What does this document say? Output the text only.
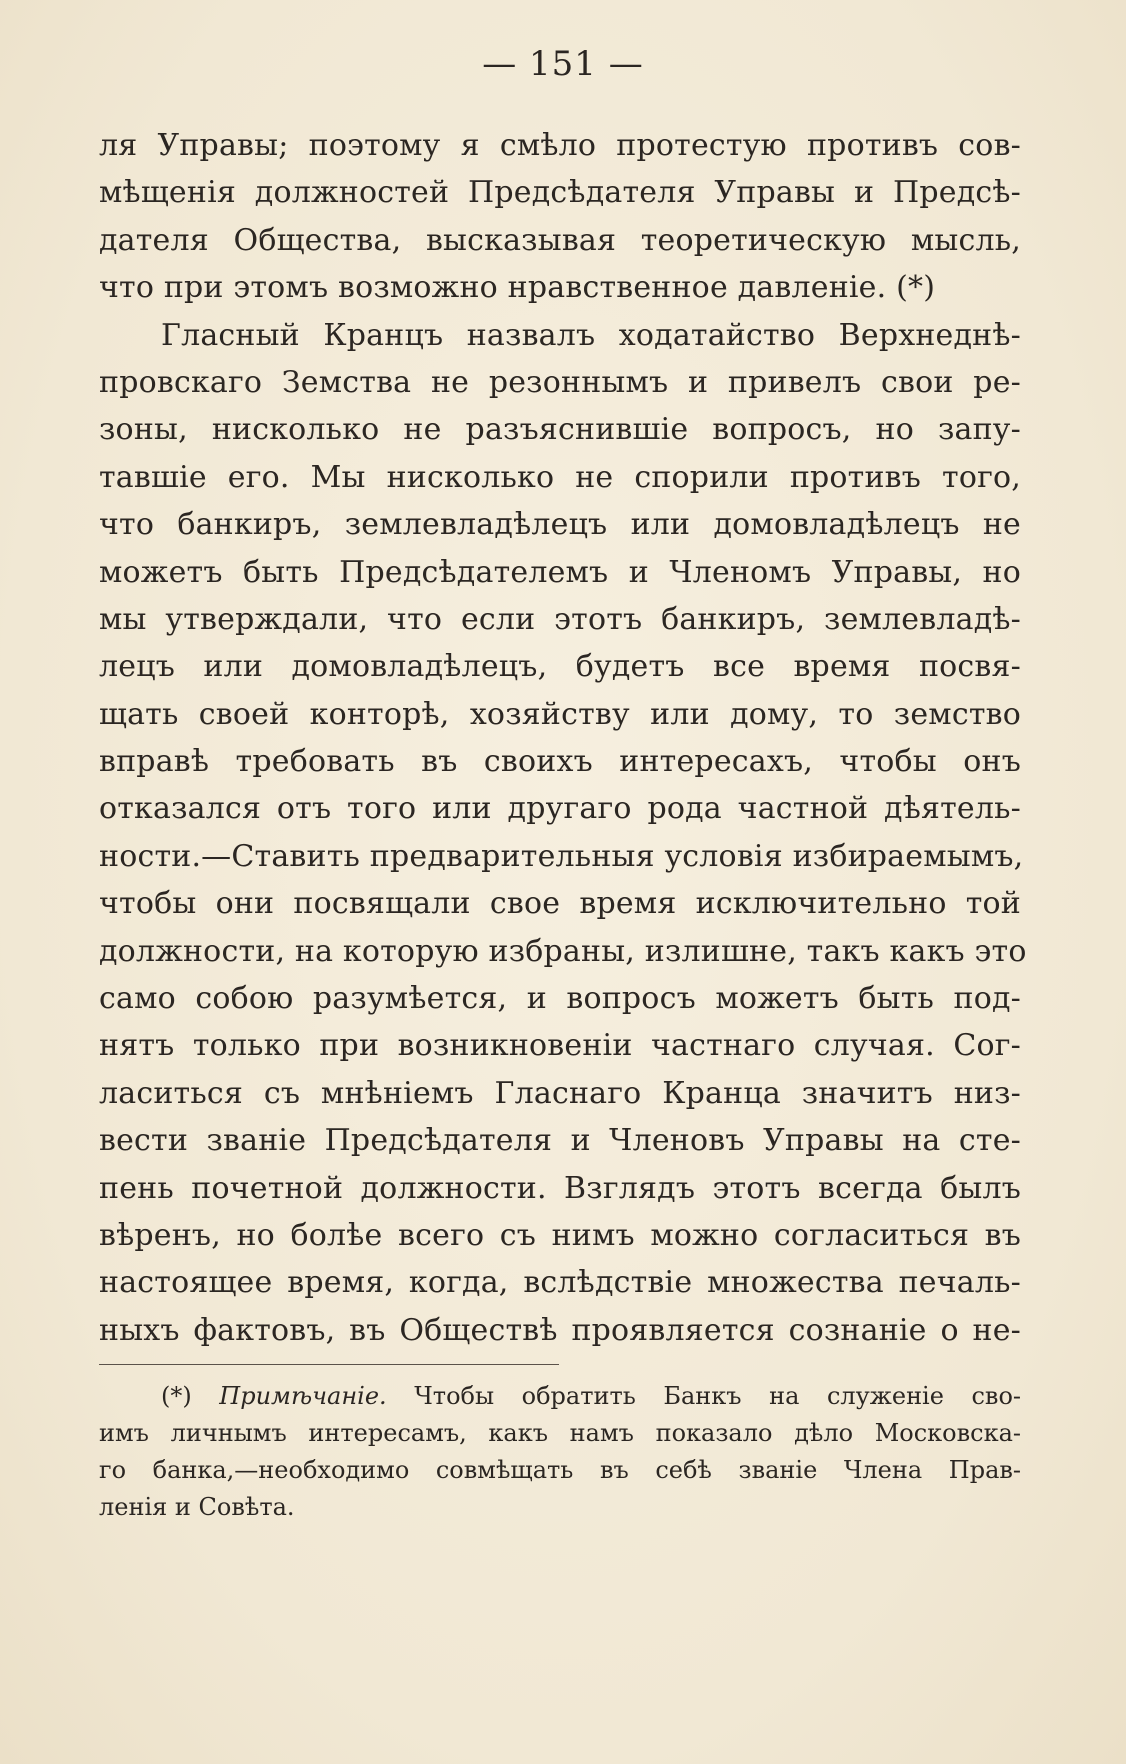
— 151 —
ля Управы; поэтому я смѣло протестую противъ сов-
мѣщенія должностей Предсѣдателя Управы и Предсѣ-
дателя Общества, высказывая теоретическую мысль,
что при этомъ возможно нравственное давленіе. (*)
Гласный Кранцъ назвалъ ходатайство Верхнеднѣ-
провскаго Земства не резоннымъ и привелъ свои ре-
зоны, нисколько не разъяснившіе вопросъ, но запу-
тавшіе его. Мы нисколько не спорили противъ того,
что банкиръ, землевладѣлецъ или домовладѣлецъ не
можетъ быть Предсѣдателемъ и Членомъ Управы, но
мы утверждали, что если этотъ банкиръ, землевладѣ-
лецъ или домовладѣлецъ, будетъ все время посвя-
щать своей конторѣ, хозяйству или дому, то земство
вправѣ требовать въ своихъ интересахъ, чтобы онъ
отказался отъ того или другаго рода частной дѣятель-
ности.—Ставить предварительныя условія избираемымъ,
чтобы они посвящали свое время исключительно той
должности, на которую избраны, излишне, такъ какъ это
само собою разумѣется, и вопросъ можетъ быть под-
нятъ только при возникновеніи частнаго случая. Сог-
ласиться съ мнѣніемъ Гласнаго Кранца значитъ низ-
вести званіе Предсѣдателя и Членовъ Управы на сте-
пень почетной должности. Взглядъ этотъ всегда былъ
вѣренъ, но болѣе всего съ нимъ можно согласиться въ
настоящее время, когда, вслѣдствіе множества печаль-
ныхъ фактовъ, въ Обществѣ проявляется сознаніе о не-
(*) Примѣчаніе. Чтобы обратить Банкъ на служеніе сво-
имъ личнымъ интересамъ, какъ намъ показало дѣло Московска-
го банка,—необходимо совмѣщать въ себѣ званіе Члена Прав-
ленія и Совѣта.
